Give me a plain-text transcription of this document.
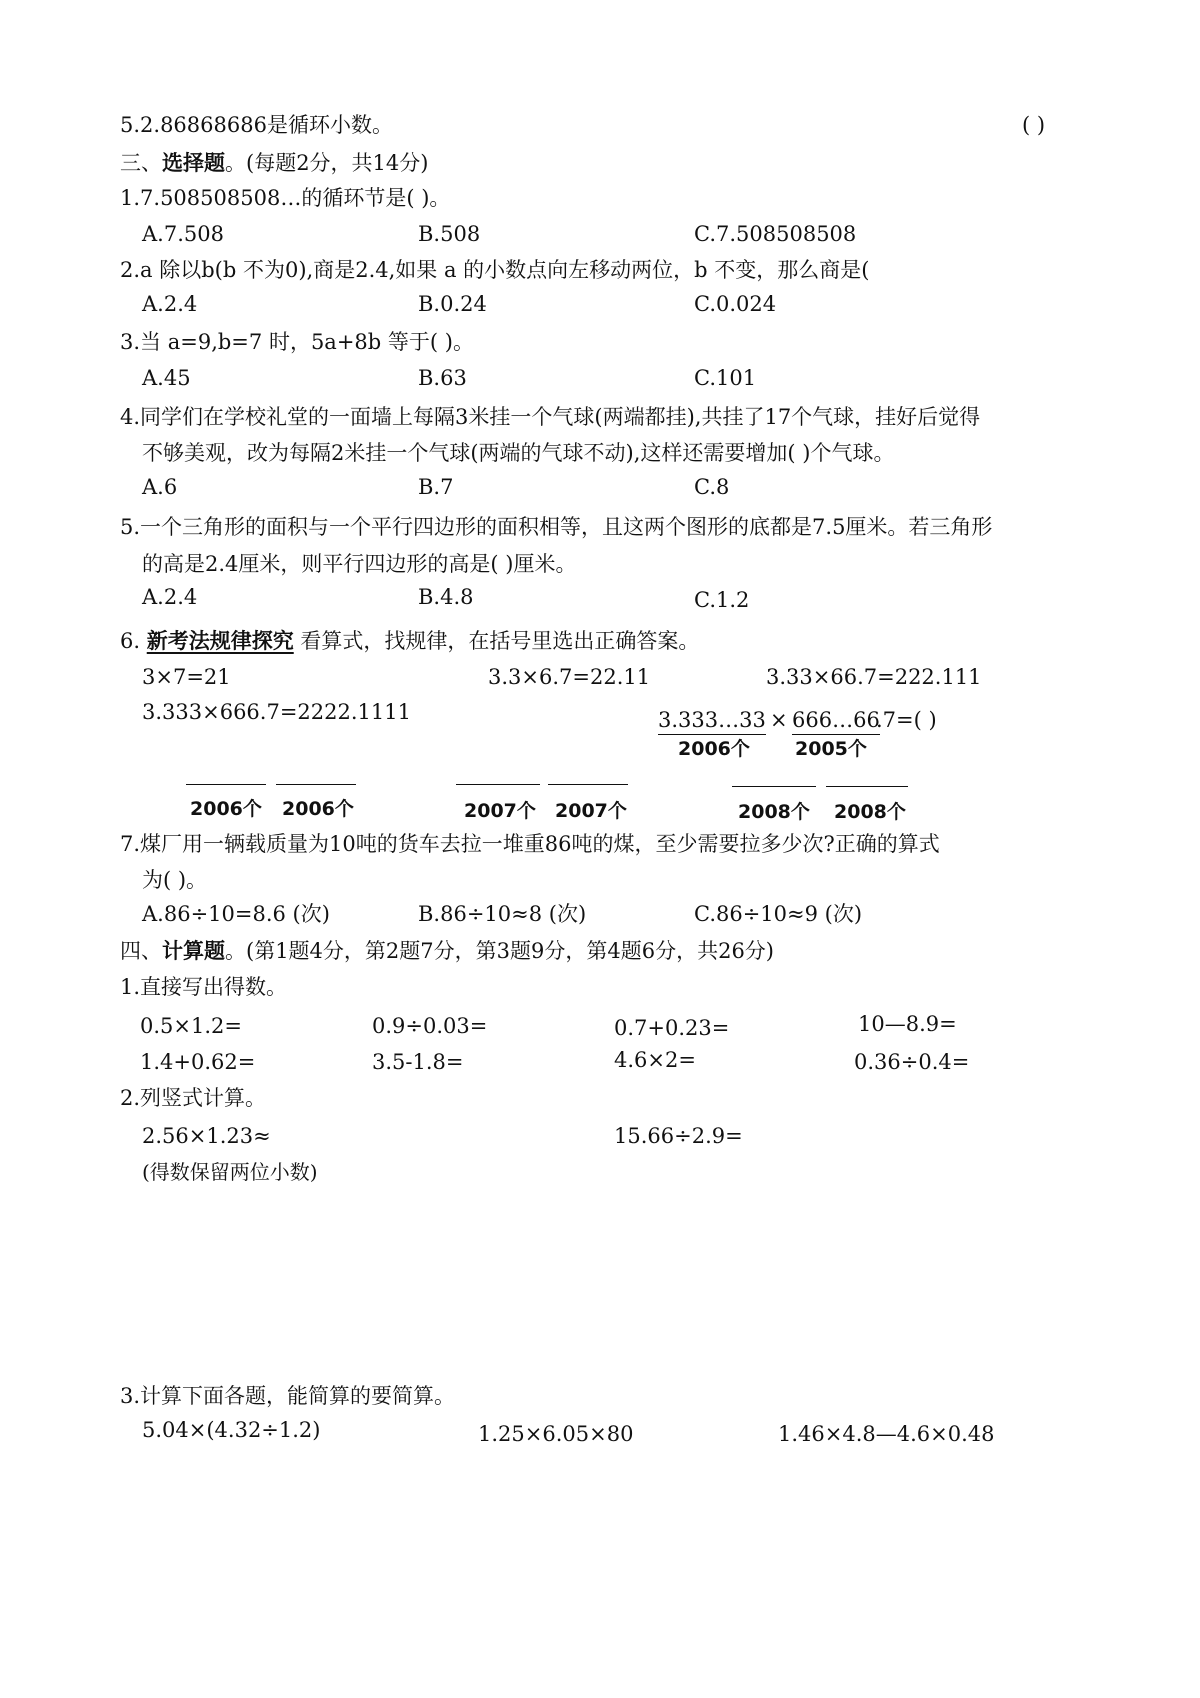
5.2.86868686是循环小数。	( )
三、选择题。(每题2分，共14分)
1.7.508508508…的循环节是( )。
A.7.508	B.508	C.7.508508508
2.a 除以b(b 不为0),商是2.4,如果 a 的小数点向左移动两位，b 不变，那么商是(
A.2.4	B.0.24	C.0.024
3.当 a=9,b=7 时，5a+8b 等于( )。
A.45	B.63	C.101
4.同学们在学校礼堂的一面墙上每隔3米挂一个气球(两端都挂),共挂了17个气球，挂好后觉得
不够美观，改为每隔2米挂一个气球(两端的气球不动),这样还需要增加( )个气球。
A.6	B.7	C.8
5.一个三角形的面积与一个平行四边形的面积相等，且这两个图形的底都是7.5厘米。若三角形
的高是2.4厘米，则平行四边形的高是( )厘米。
A.2.4	B.4.8	C.1.2
6. 新考法规律探究 看算式，找规律，在括号里选出正确答案。
3×7=21	3.3×6.7=22.11	3.33×66.7=222.111
3.333×666.7=2222.1111	3.333…33 × 666…66
.7=( )
2006个 2005个
2006个 2006个	2007个 2007个	2008个 2008个
7.煤厂用一辆载质量为10吨的货车去拉一堆重86吨的煤，至少需要拉多少次?正确的算式
为( )。
A.86÷10=8.6 (次)	B.86÷10≈8 (次)	C.86÷10≈9 (次)
四、计算题。(第1题4分，第2题7分，第3题9分，第4题6分，共26分)
1.直接写出得数。
0.5×1.2=	0.9÷0.03=	0.7+0.23=	10—8.9=
1.4+0.62=	3.5-1.8=	4.6×2=	0.36÷0.4=
2.列竖式计算。
2.56×1.23≈	15.66÷2.9=
(得数保留两位小数)
3.计算下面各题，能简算的要简算。
5.04×(4.32÷1.2)	1.25×6.05×80	1.46×4.8—4.6×0.48
